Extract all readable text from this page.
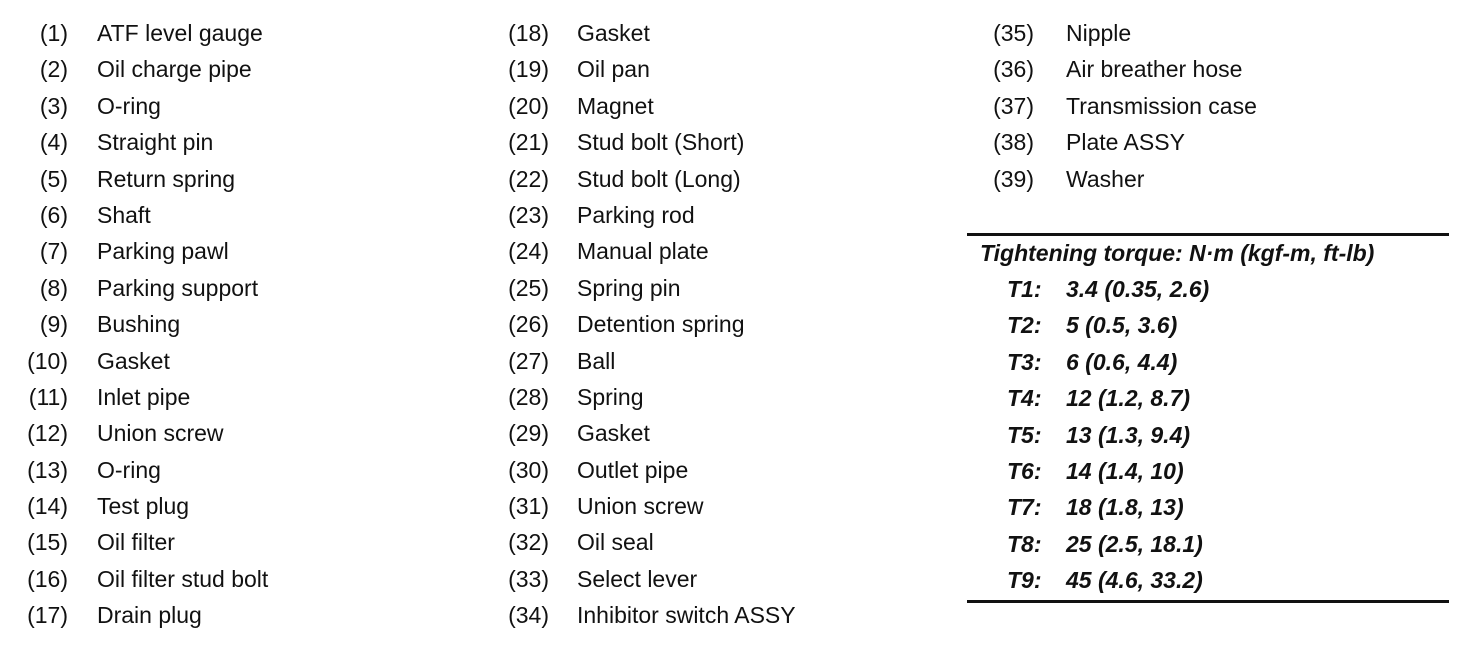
(1) ATF level gauge
(2) Oil charge pipe
(3) O-ring
(4) Straight pin
(5) Return spring
(6) Shaft
(7) Parking pawl
(8) Parking support
(9) Bushing
(10) Gasket
(11) Inlet pipe
(12) Union screw
(13) O-ring
(14) Test plug
(15) Oil filter
(16) Oil filter stud bolt
(17) Drain plug
(18) Gasket
(19) Oil pan
(20) Magnet
(21) Stud bolt (Short)
(22) Stud bolt (Long)
(23) Parking rod
(24) Manual plate
(25) Spring pin
(26) Detention spring
(27) Ball
(28) Spring
(29) Gasket
(30) Outlet pipe
(31) Union screw
(32) Oil seal
(33) Select lever
(34) Inhibitor switch ASSY
(35) Nipple
(36) Air breather hose
(37) Transmission case
(38) Plate ASSY
(39) Washer
Tightening torque: N·m (kgf-m, ft-lb)
T1: 3.4 (0.35, 2.6)
T2: 5 (0.5, 3.6)
T3: 6 (0.6, 4.4)
T4: 12 (1.2, 8.7)
T5: 13 (1.3, 9.4)
T6: 14 (1.4, 10)
T7: 18 (1.8, 13)
T8: 25 (2.5, 18.1)
T9: 45 (4.6, 33.2)
